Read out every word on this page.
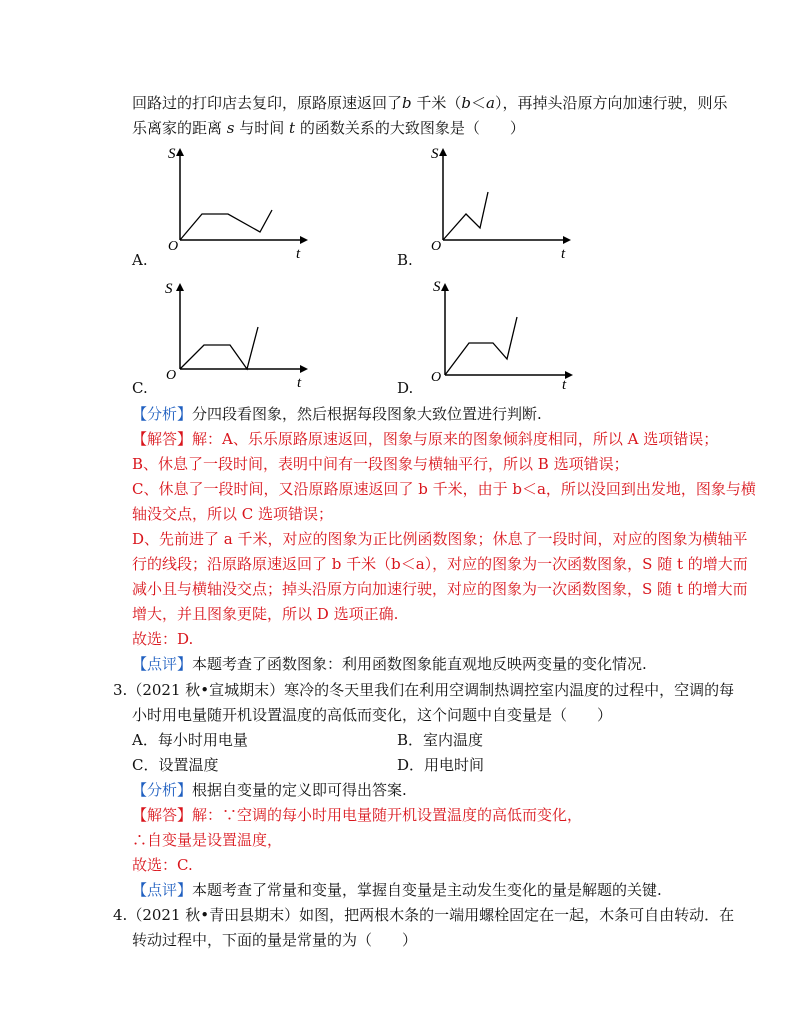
回路过的打印店去复印，原路原速返回了b 千米（b＜a），再掉头沿原方向加速行驶，则乐
乐离家的距离 s 与时间 t 的函数关系的大致图象是（　　）
A.
S
O	t	B.
S
O	t
C.
S
O	t	D.
S
O	t
【分析】分四段看图象，然后根据每段图象大致位置进行判断.
【解答】解：A、乐乐原路原速返回，图象与原来的图象倾斜度相同，所以 A 选项错误；
B、休息了一段时间，表明中间有一段图象与横轴平行，所以 B 选项错误；
C、休息了一段时间，又沿原路原速返回了 b 千米，由于 b＜a，所以没回到出发地，图象与横
轴没交点，所以 C 选项错误；
D、先前进了 a 千米，对应的图象为正比例函数图象；休息了一段时间，对应的图象为横轴平
行的线段；沿原路原速返回了 b 千米（b＜a），对应的图象为一次函数图象，S 随 t 的增大而
减小且与横轴没交点；掉头沿原方向加速行驶，对应的图象为一次函数图象，S 随 t 的增大而
增大，并且图象更陡，所以 D 选项正确.
故选：D.
【点评】本题考查了函数图象：利用函数图象能直观地反映两变量的变化情况.
3.（2021 秋•宣城期末）寒冷的冬天里我们在利用空调制热调控室内温度的过程中，空调的每
小时用电量随开机设置温度的高低而变化，这个问题中自变量是（　　）
A．每小时用电量	B．室内温度
C．设置温度	D．用电时间
【分析】根据自变量的定义即可得出答案.
【解答】解：∵空调的每小时用电量随开机设置温度的高低而变化，
∴自变量是设置温度，
故选：C.
【点评】本题考查了常量和变量，掌握自变量是主动发生变化的量是解题的关键.
4.（2021 秋•青田县期末）如图，把两根木条的一端用螺栓固定在一起，木条可自由转动．在
转动过程中，下面的量是常量的为（　　）
